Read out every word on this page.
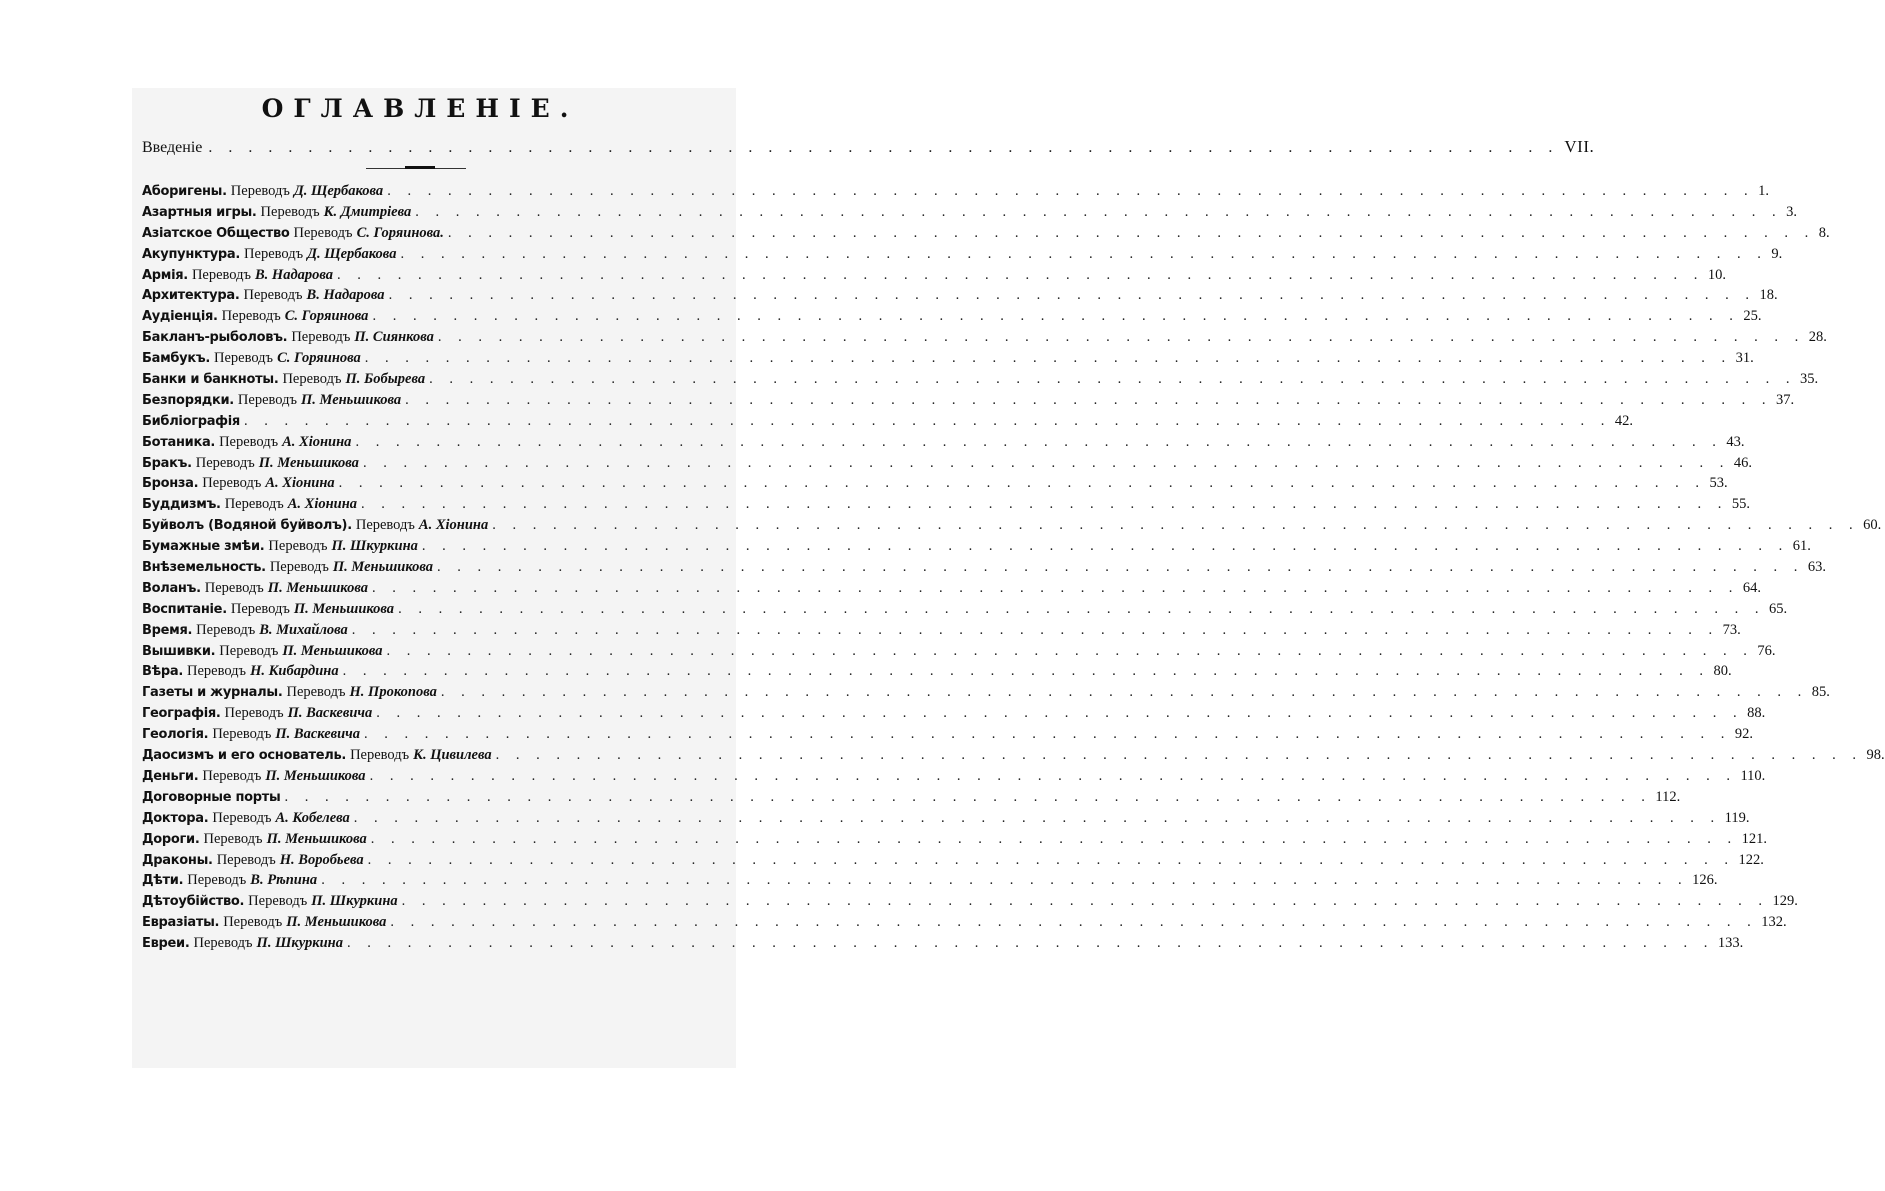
ОГЛАВЛЕНІЕ.
Введеніе . . . . . . . . . . . . . . . . . . . . . . . . . . . . . . . . . . . . . . . . . . . . . . . . . . . . . . . . . . . . . . . . . . . . VII.
Аборигены. Переводъ Д. Щербакова . . . . . . . . . . . . . . . . . . . . . . . . . . . . . . . . . . . . . . . . . . . . . . . . . . . . . . . . . . . . . . . . . . . . 1.
Азартныя игры. Переводъ К. Дмитріева . . . . . . . . . . . . . . . . . . . . . . . . . . . . . . . . . . . . . . . . . . . . . . . . . . . . . . . . . . . . . . . . . . . . 3.
Азіатское Общество Переводъ С. Горяинова. . . . . . . . . . . . . . . . . . . . . . . . . . . . . . . . . . . . . . . . . . . . . . . . . . . . . . . . . . . . . . . . . . . . . 8.
Акупунктура. Переводъ Д. Щербакова . . . . . . . . . . . . . . . . . . . . . . . . . . . . . . . . . . . . . . . . . . . . . . . . . . . . . . . . . . . . . . . . . . . . 9.
Армія. Переводъ В. Надарова . . . . . . . . . . . . . . . . . . . . . . . . . . . . . . . . . . . . . . . . . . . . . . . . . . . . . . . . . . . . . . . . . . . . 10.
Архитектура. Переводъ В. Надарова . . . . . . . . . . . . . . . . . . . . . . . . . . . . . . . . . . . . . . . . . . . . . . . . . . . . . . . . . . . . . . . . . . . . 18.
Аудіенція. Переводъ С. Горяинова . . . . . . . . . . . . . . . . . . . . . . . . . . . . . . . . . . . . . . . . . . . . . . . . . . . . . . . . . . . . . . . . . . . . 25.
Бакланъ-рыболовъ. Переводъ П. Сиянкова . . . . . . . . . . . . . . . . . . . . . . . . . . . . . . . . . . . . . . . . . . . . . . . . . . . . . . . . . . . . . . . . . . . . 28.
Бамбукъ. Переводъ С. Горяинова . . . . . . . . . . . . . . . . . . . . . . . . . . . . . . . . . . . . . . . . . . . . . . . . . . . . . . . . . . . . . . . . . . . . 31.
Банки и банкноты. Переводъ П. Бобырева . . . . . . . . . . . . . . . . . . . . . . . . . . . . . . . . . . . . . . . . . . . . . . . . . . . . . . . . . . . . . . . . . . . . 35.
Безпорядки. Переводъ П. Меньшикова . . . . . . . . . . . . . . . . . . . . . . . . . . . . . . . . . . . . . . . . . . . . . . . . . . . . . . . . . . . . . . . . . . . . 37.
Библіографія . . . . . . . . . . . . . . . . . . . . . . . . . . . . . . . . . . . . . . . . . . . . . . . . . . . . . . . . . . . . . . . . . . . . 42.
Ботаника. Переводъ А. Хіонина . . . . . . . . . . . . . . . . . . . . . . . . . . . . . . . . . . . . . . . . . . . . . . . . . . . . . . . . . . . . . . . . . . . . 43.
Бракъ. Переводъ П. Меньшикова . . . . . . . . . . . . . . . . . . . . . . . . . . . . . . . . . . . . . . . . . . . . . . . . . . . . . . . . . . . . . . . . . . . . 46.
Бронза. Переводъ А. Хіонина . . . . . . . . . . . . . . . . . . . . . . . . . . . . . . . . . . . . . . . . . . . . . . . . . . . . . . . . . . . . . . . . . . . . 53.
Буддизмъ. Переводъ А. Хіонина . . . . . . . . . . . . . . . . . . . . . . . . . . . . . . . . . . . . . . . . . . . . . . . . . . . . . . . . . . . . . . . . . . . . 55.
Буйволъ (Водяной буйволъ). Переводъ А. Хіонина . . . . . . . . . . . . . . . . . . . . . . . . . . . . . . . . . . . . . . . . . . . . . . . . . . . . . . . . . . . . . . . . . . . . 60.
Бумажные змѣи. Переводъ П. Шкуркина . . . . . . . . . . . . . . . . . . . . . . . . . . . . . . . . . . . . . . . . . . . . . . . . . . . . . . . . . . . . . . . . . . . . 61.
Внѣземельность. Переводъ П. Меньшикова . . . . . . . . . . . . . . . . . . . . . . . . . . . . . . . . . . . . . . . . . . . . . . . . . . . . . . . . . . . . . . . . . . . . 63.
Воланъ. Переводъ П. Меньшикова . . . . . . . . . . . . . . . . . . . . . . . . . . . . . . . . . . . . . . . . . . . . . . . . . . . . . . . . . . . . . . . . . . . . 64.
Воспитаніе. Переводъ П. Меньшикова . . . . . . . . . . . . . . . . . . . . . . . . . . . . . . . . . . . . . . . . . . . . . . . . . . . . . . . . . . . . . . . . . . . . 65.
Время. Переводъ В. Михайлова . . . . . . . . . . . . . . . . . . . . . . . . . . . . . . . . . . . . . . . . . . . . . . . . . . . . . . . . . . . . . . . . . . . . 73.
Вышивки. Переводъ П. Меньшикова . . . . . . . . . . . . . . . . . . . . . . . . . . . . . . . . . . . . . . . . . . . . . . . . . . . . . . . . . . . . . . . . . . . . 76.
Вѣра. Переводъ Н. Кибардина . . . . . . . . . . . . . . . . . . . . . . . . . . . . . . . . . . . . . . . . . . . . . . . . . . . . . . . . . . . . . . . . . . . . 80.
Газеты и журналы. Переводъ Н. Прокопова . . . . . . . . . . . . . . . . . . . . . . . . . . . . . . . . . . . . . . . . . . . . . . . . . . . . . . . . . . . . . . . . . . . . 85.
Географія. Переводъ П. Васкевича . . . . . . . . . . . . . . . . . . . . . . . . . . . . . . . . . . . . . . . . . . . . . . . . . . . . . . . . . . . . . . . . . . . . 88.
Геологія. Переводъ П. Васкевича . . . . . . . . . . . . . . . . . . . . . . . . . . . . . . . . . . . . . . . . . . . . . . . . . . . . . . . . . . . . . . . . . . . . 92.
Даосизмъ и его основатель. Переводъ К. Цивилева . . . . . . . . . . . . . . . . . . . . . . . . . . . . . . . . . . . . . . . . . . . . . . . . . . . . . . . . . . . . . . . . . . . . 98.
Деньги. Переводъ П. Меньшикова . . . . . . . . . . . . . . . . . . . . . . . . . . . . . . . . . . . . . . . . . . . . . . . . . . . . . . . . . . . . . . . . . . . . 110.
Договорные порты . . . . . . . . . . . . . . . . . . . . . . . . . . . . . . . . . . . . . . . . . . . . . . . . . . . . . . . . . . . . . . . . . . . . 112.
Доктора. Переводъ А. Кобелева . . . . . . . . . . . . . . . . . . . . . . . . . . . . . . . . . . . . . . . . . . . . . . . . . . . . . . . . . . . . . . . . . . . . 119.
Дороги. Переводъ П. Меньшикова . . . . . . . . . . . . . . . . . . . . . . . . . . . . . . . . . . . . . . . . . . . . . . . . . . . . . . . . . . . . . . . . . . . . 121.
Драконы. Переводъ Н. Воробьева . . . . . . . . . . . . . . . . . . . . . . . . . . . . . . . . . . . . . . . . . . . . . . . . . . . . . . . . . . . . . . . . . . . . 122.
Дѣти. Переводъ В. Рѣпина . . . . . . . . . . . . . . . . . . . . . . . . . . . . . . . . . . . . . . . . . . . . . . . . . . . . . . . . . . . . . . . . . . . . 126.
Дѣтоубійство. Переводъ П. Шкуркина . . . . . . . . . . . . . . . . . . . . . . . . . . . . . . . . . . . . . . . . . . . . . . . . . . . . . . . . . . . . . . . . . . . . 129.
Евразіаты. Переводъ П. Меньшикова . . . . . . . . . . . . . . . . . . . . . . . . . . . . . . . . . . . . . . . . . . . . . . . . . . . . . . . . . . . . . . . . . . . . 132.
Евреи. Переводъ П. Шкуркина . . . . . . . . . . . . . . . . . . . . . . . . . . . . . . . . . . . . . . . . . . . . . . . . . . . . . . . . . . . . . . . . . . . . 133.
